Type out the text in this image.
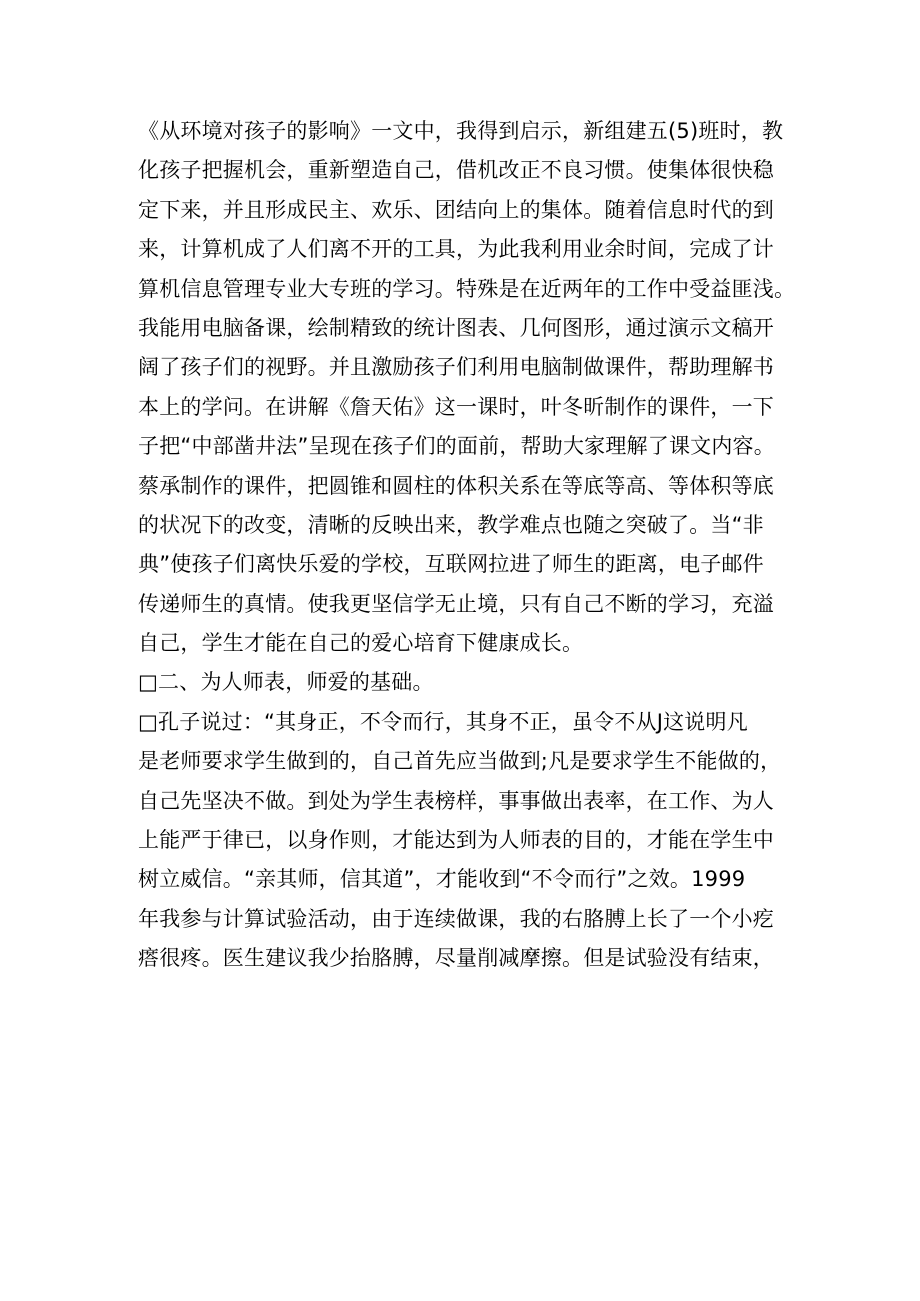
《从环境对孩子的影响》一文中，我得到启示，新组建五(5)班时，教
化孩子把握机会，重新塑造自己，借机改正不良习惯。使集体很快稳
定下来，并且形成民主、欢乐、团结向上的集体。随着信息时代的到
来，计算机成了人们离不开的工具，为此我利用业余时间，完成了计
算机信息管理专业大专班的学习。特殊是在近两年的工作中受益匪浅。
我能用电脑备课，绘制精致的统计图表、几何图形，通过演示文稿开
阔了孩子们的视野。并且激励孩子们利用电脑制做课件，帮助理解书
本上的学问。在讲解《詹天佑》这一课时，叶冬昕制作的课件，一下
子把“中部凿井法”呈现在孩子们的面前，帮助大家理解了课文内容。
蔡承制作的课件，把圆锥和圆柱的体积关系在等底等高、等体积等底
的状况下的改变，清晰的反映出来，教学难点也随之突破了。当“非
典”使孩子们离快乐爱的学校，互联网拉进了师生的距离，电子邮件
传递师生的真情。使我更坚信学无止境，只有自己不断的学习，充溢
自己，学生才能在自己的爱心培育下健康成长。
□二、为人师表，师爱的基础。
□孔子说过：“其身正，不令而行，其身不正，虽令不从J这说明凡
是老师要求学生做到的，自己首先应当做到;凡是要求学生不能做的，
自己先坚决不做。到处为学生表榜样，事事做出表率，在工作、为人
上能严于律已，以身作则，才能达到为人师表的目的，才能在学生中
树立威信。“亲其师，信其道”，才能收到“不令而行”之效。1999
年我参与计算试验活动，由于连续做课，我的右胳膊上长了一个小疙
瘩很疼。医生建议我少抬胳膊，尽量削减摩擦。但是试验没有结束，
